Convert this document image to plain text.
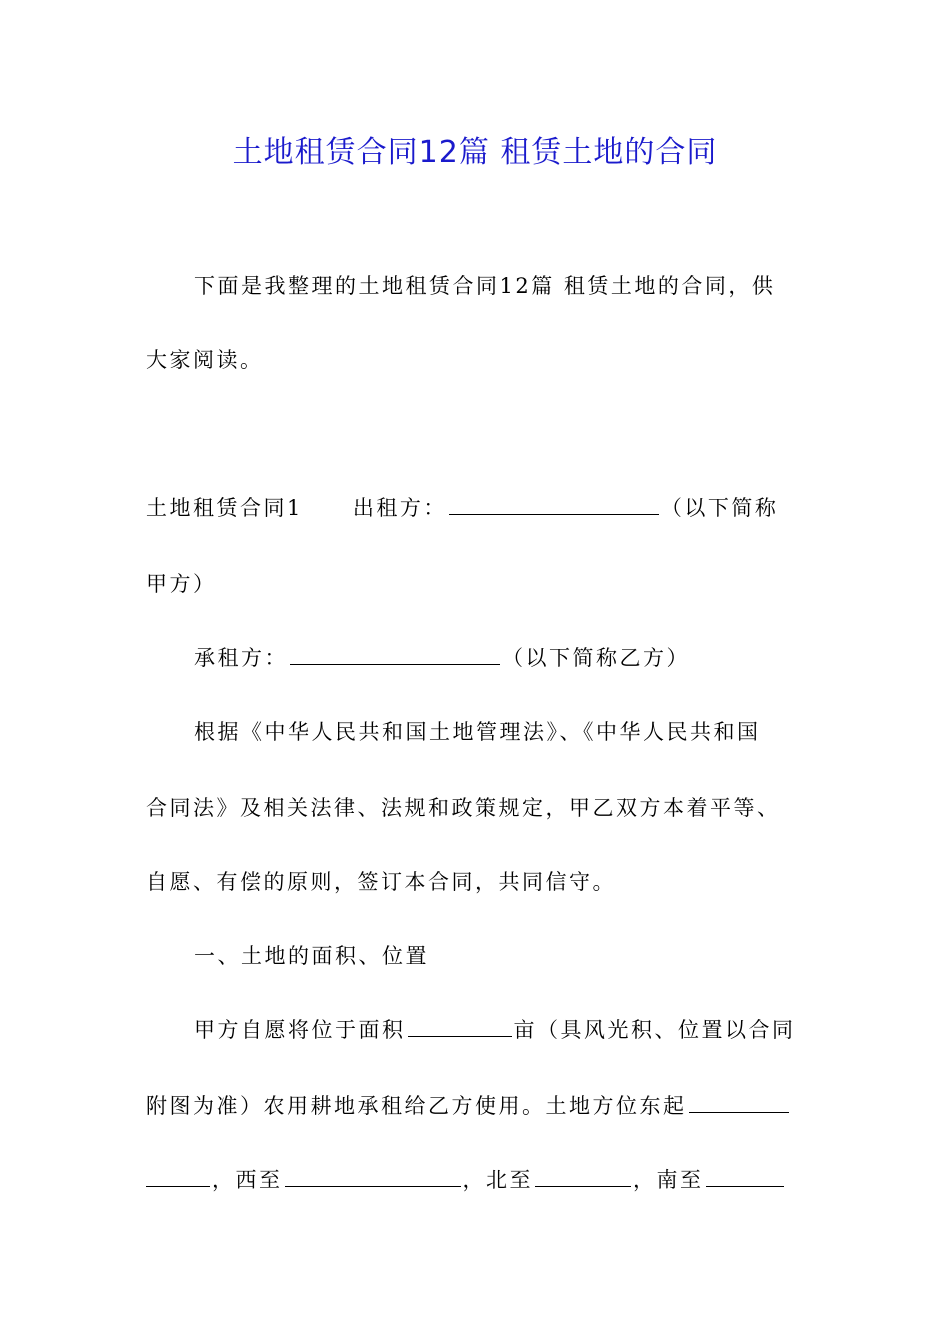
土地租赁合同12篇 租赁土地的合同
下面是我整理的土地租赁合同12篇 租赁土地的合同，供
大家阅读。
土地租赁合同1 出租方：	（以下简称
甲方）
承租方：	（以下简称乙方）
根据《中华人民共和国土地管理法》、《中华人民共和国
合同法》及相关法律、法规和政策规定，甲乙双方本着平等、
自愿、有偿的原则，签订本合同，共同信守。
一、土地的面积、位置
甲方自愿将位于面积	亩（具风光积、位置以合同
附图为准）农用耕地承租给乙方使用。土地方位东起
，西至	，北至	，南至
